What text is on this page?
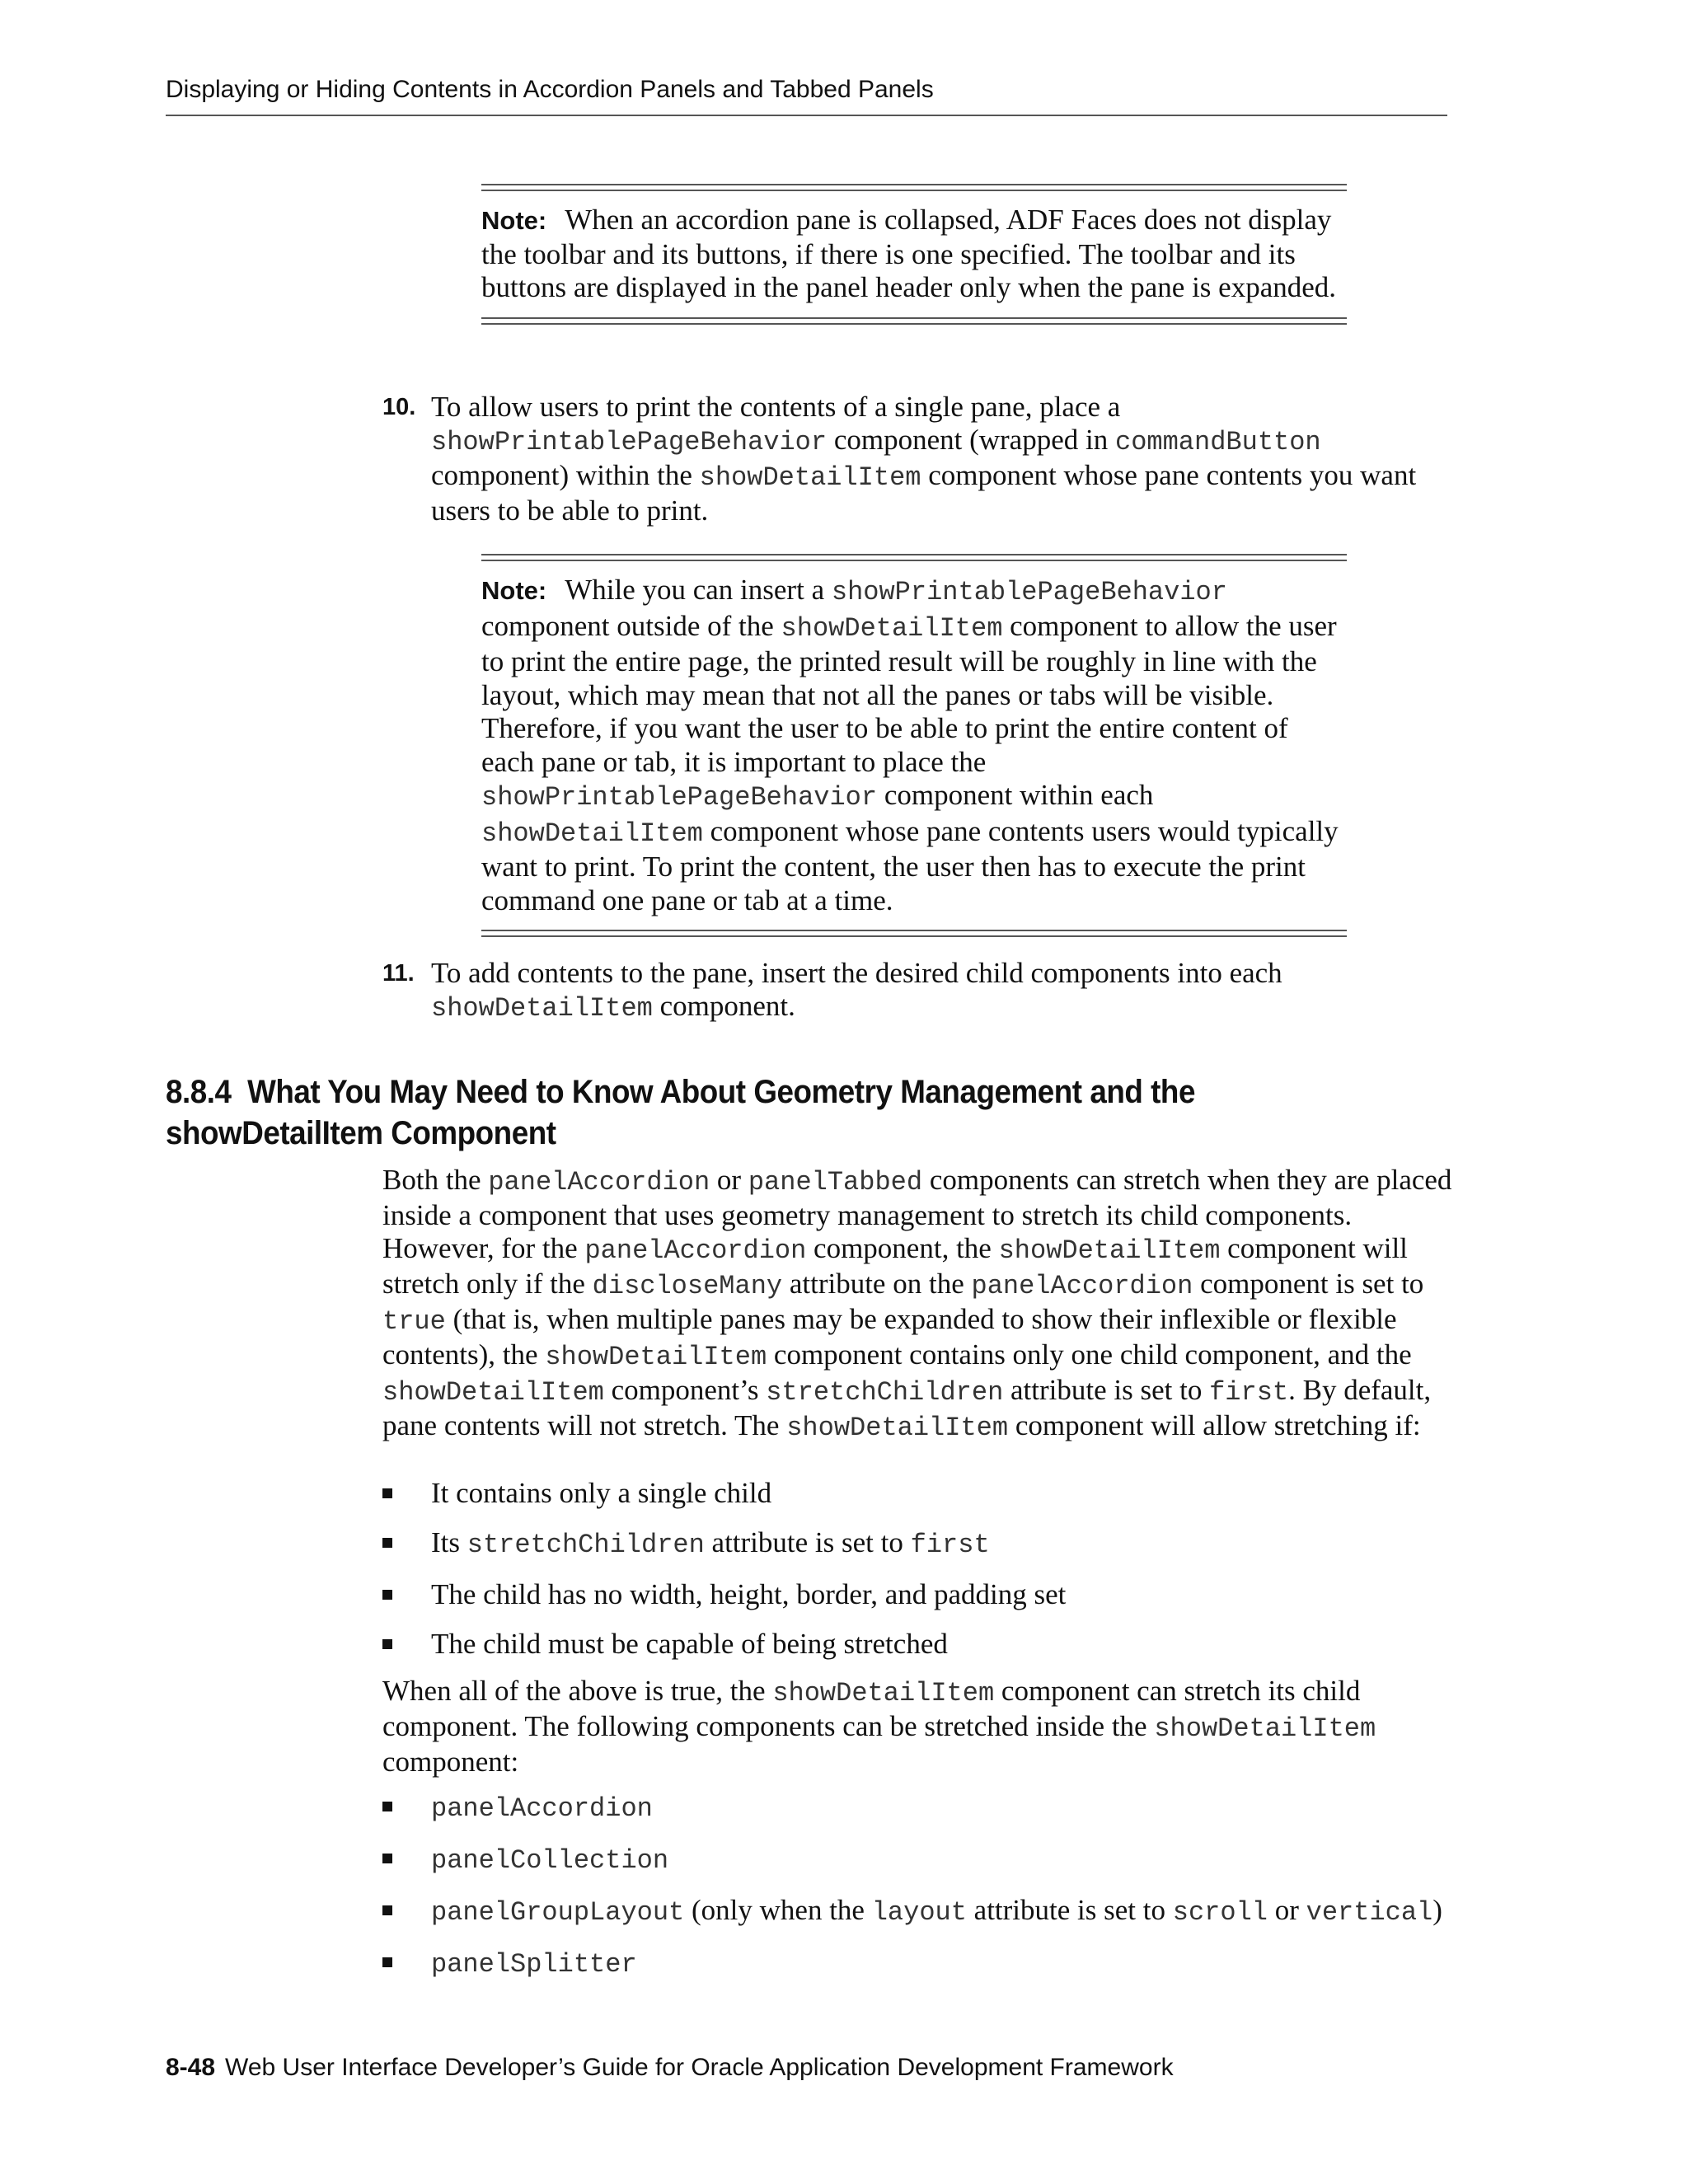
Displaying or Hiding Contents in Accordion Panels and Tabbed Panels

Note: When an accordion pane is collapsed, ADF Faces does not display the toolbar and its buttons, if there is one specified. The toolbar and its buttons are displayed in the panel header only when the pane is expanded.

10. To allow users to print the contents of a single pane, place a showPrintablePageBehavior component (wrapped in commandButton component) within the showDetailItem component whose pane contents you want users to be able to print.

Note: While you can insert a showPrintablePageBehavior component outside of the showDetailItem component to allow the user to print the entire page, the printed result will be roughly in line with the layout, which may mean that not all the panes or tabs will be visible. Therefore, if you want the user to be able to print the entire content of each pane or tab, it is important to place the showPrintablePageBehavior component within each showDetailItem component whose pane contents users would typically want to print. To print the content, the user then has to execute the print command one pane or tab at a time.

11. To add contents to the pane, insert the desired child components into each showDetailItem component.
8.8.4 What You May Need to Know About Geometry Management and the showDetailItem Component

Both the panelAccordion or panelTabbed components can stretch when they are placed inside a component that uses geometry management to stretch its child components. However, for the panelAccordion component, the showDetailItem component will stretch only if the discloseMany attribute on the panelAccordion component is set to true (that is, when multiple panes may be expanded to show their inflexible or flexible contents), the showDetailItem component contains only one child component, and the showDetailItem component’s stretchChildren attribute is set to first. By default, pane contents will not stretch. The showDetailItem component will allow stretching if:

It contains only a single child
Its stretchChildren attribute is set to first
The child has no width, height, border, and padding set
The child must be capable of being stretched

When all of the above is true, the showDetailItem component can stretch its child component. The following components can be stretched inside the showDetailItem component:

panelAccordion
panelCollection
panelGroupLayout (only when the layout attribute is set to scroll or vertical)
panelSplitter
8-48 Web User Interface Developer’s Guide for Oracle Application Development Framework
